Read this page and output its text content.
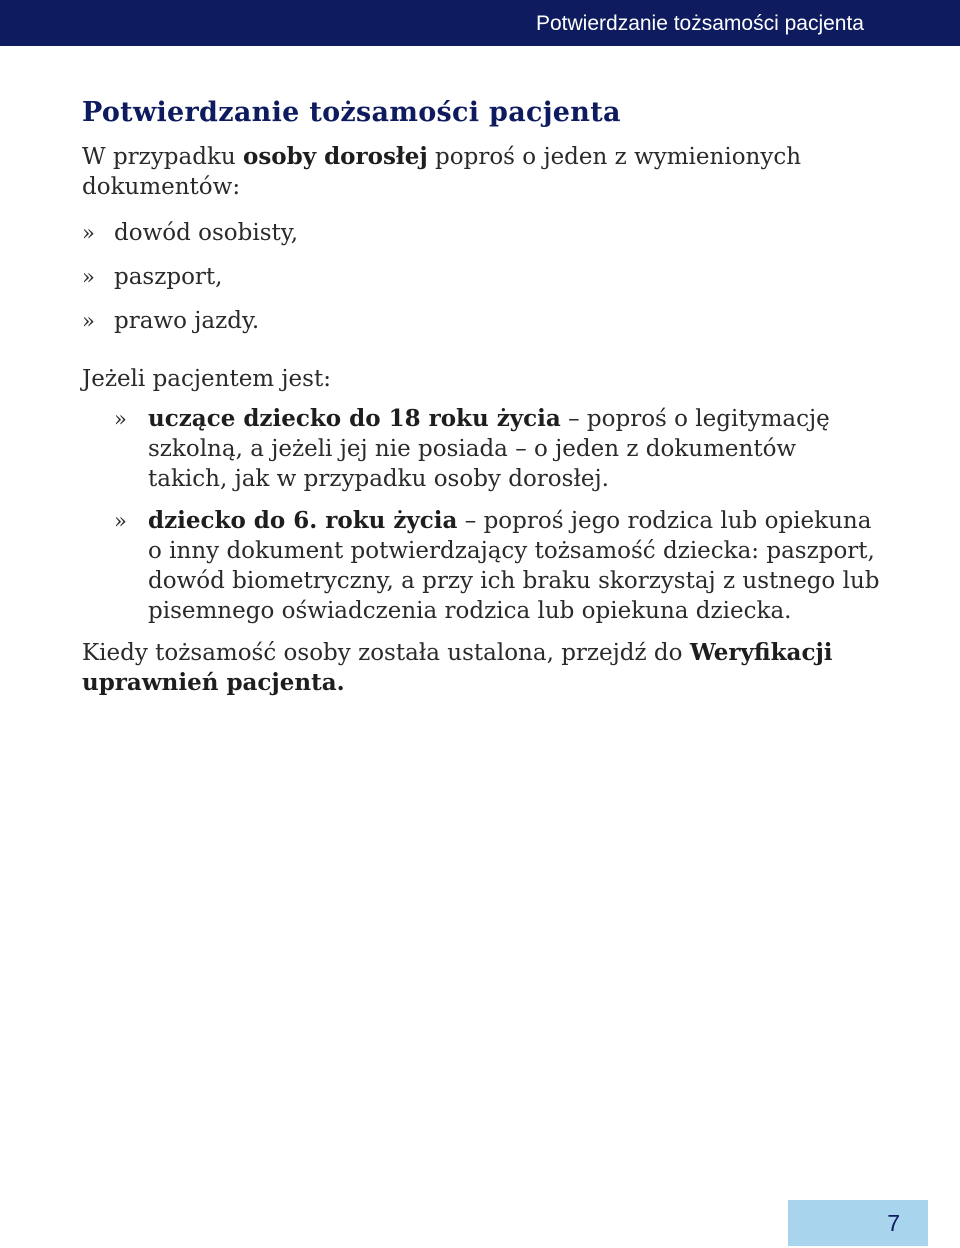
Potwierdzanie tożsamości pacjenta
Potwierdzanie tożsamości pacjenta

W przypadku osoby dorosłej poproś o jeden z wymienionych dokumentów:

» dowód osobisty,
» paszport,
» prawo jazdy.

Jeżeli pacjentem jest:

» uczące dziecko do 18 roku życia – poproś o legitymację szkolną, a jeżeli jej nie posiada – o jeden z dokumentów takich, jak w przypadku osoby dorosłej.
» dziecko do 6. roku życia – poproś jego rodzica lub opiekuna o inny dokument potwierdzający tożsamość dziecka: paszport, dowód biometryczny, a przy ich braku skorzystaj z ustnego lub pisemnego oświadczenia rodzica lub opiekuna dziecka.

Kiedy tożsamość osoby została ustalona, przejdź do Weryfikacji uprawnień pacjenta.

7
